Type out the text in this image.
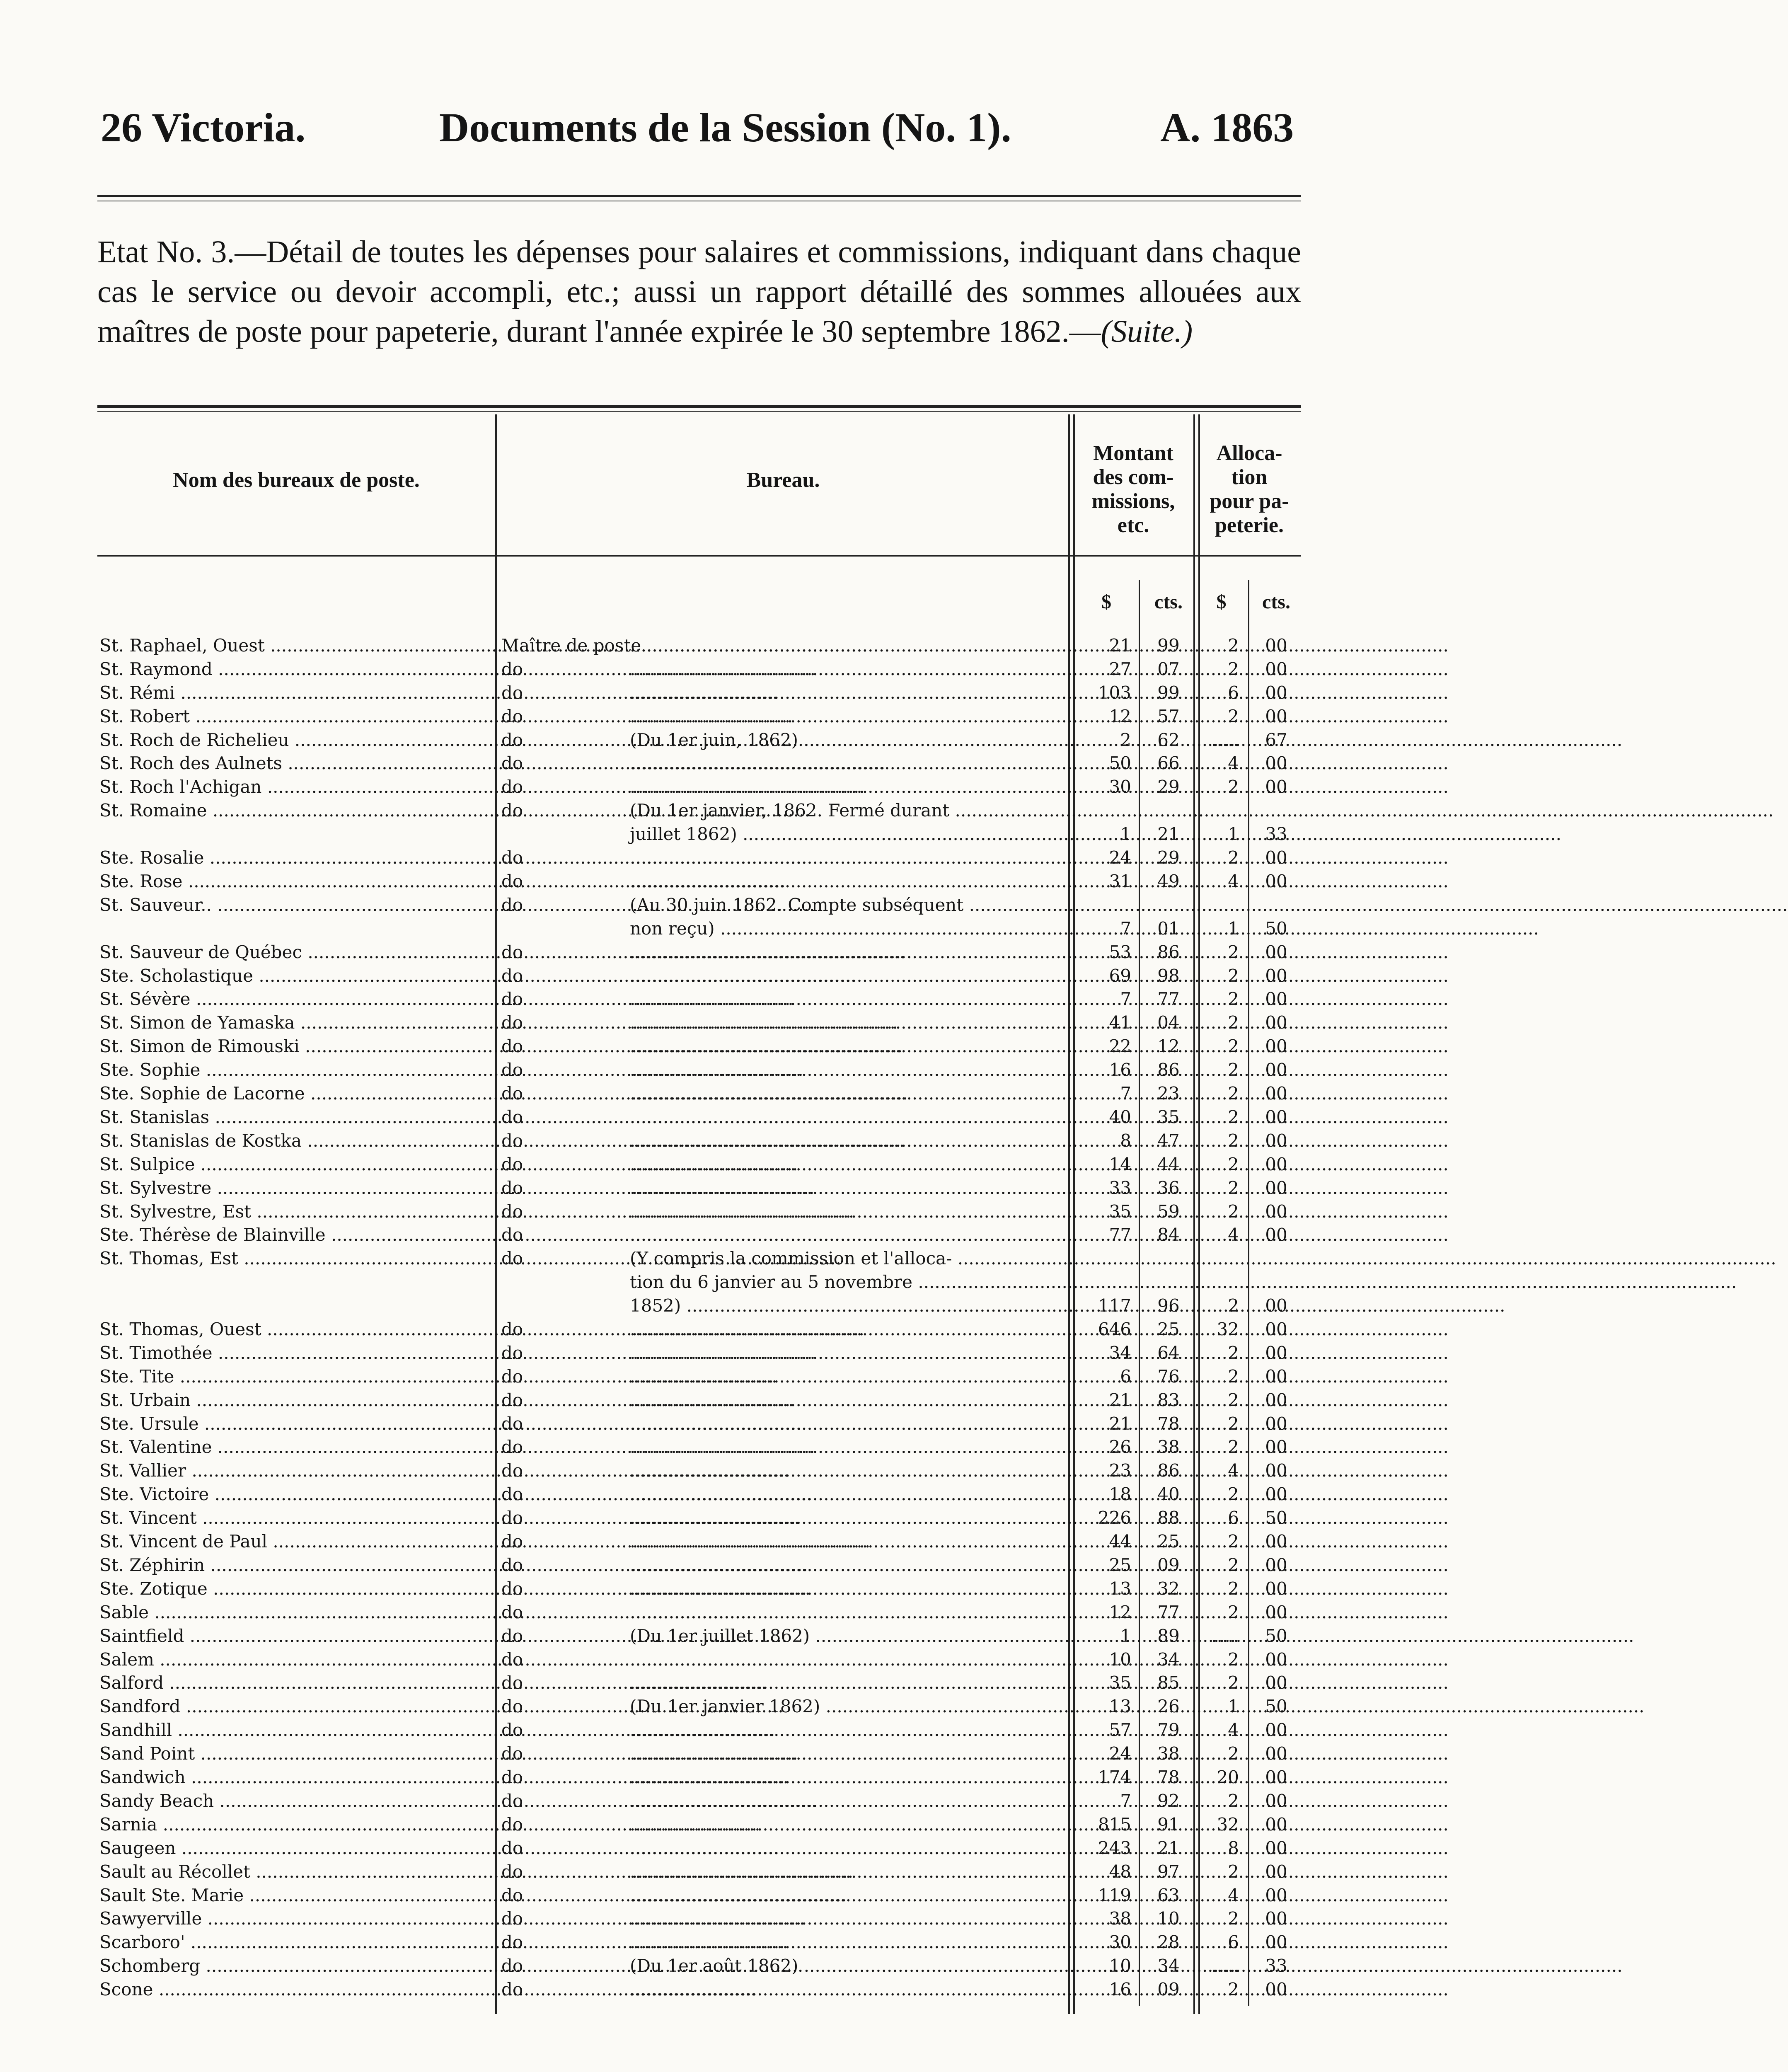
26 Victoria.	Documents de la Session (No. 1).	A. 1863
Etat No. 3.—Détail de toutes les dépenses pour salaires et commissions, indiquant dans chaque cas le service ou devoir accompli, etc.; aussi un rapport détaillé des sommes allouées aux maîtres de poste pour papeterie, durant l'année expirée le 30 septembre 1862.—(Suite.)
Nom des bureaux de poste.	Bureau.
Montant
des com-
missions,
etc.
Alloca-
tion
pour pa-
peterie.
$	cts.	$	cts.
St. Raphael, Ouest .....	Maître de poste .....	21	99	2	00
St. Raymond .....	do .....	27	07	2	00
St. Rémi .....	do .....	103	99	6	00
St. Robert .....	do .....	12	57	2	00
St. Roch de Richelieu .....	do	(Du 1er juin, 1862) .....	2	62	.....	67
St. Roch des Aulnets .....	do .....	50	66	4	00
St. Roch l'Achigan .....	do .....	30	29	2	00
St. Romaine .....	do	(Du 1er janvier, 1862. Fermé durant .....
juillet 1862) .....	1	21	1	33
Ste. Rosalie .....	do .....	24	29	2	00
Ste. Rose .....	do .....	31	49	4	00
St. Sauveur.. .....	do	(Au 30 juin 1862. Compte subséquent .....
non reçu) .....	7	01	1	50
St. Sauveur de Québec .....	do .....	53	86	2	00
Ste. Scholastique .....	do .....	69	98	2	00
St. Sévère .....	do .....	7	77	2	00
St. Simon de Yamaska .....	do .....	41	04	2	00
St. Simon de Rimouski .....	do .....	22	12	2	00
Ste. Sophie .....	do .....	16	86	2	00
Ste. Sophie de Lacorne .....	do .....	7	23	2	00
St. Stanislas .....	do .....	40	35	2	00
St. Stanislas de Kostka .....	do .....	8	47	2	00
St. Sulpice .....	do .....	14	44	2	00
St. Sylvestre .....	do .....	33	36	2	00
St. Sylvestre, Est .....	do .....	35	59	2	00
Ste. Thérèse de Blainville .....	do .....	77	84	4	00
St. Thomas, Est .....	do	(Y compris la commission et l'alloca- .....
tion du 6 janvier au 5 novembre .....
1852) .....	117	96	2	00
St. Thomas, Ouest .....	do .....	646	25	32	00
St. Timothée .....	do .....	34	64	2	00
Ste. Tite .....	do .....	6	76	2	00
St. Urbain .....	do .....	21	83	2	00
Ste. Ursule .....	do .....	21	78	2	00
St. Valentine .....	do .....	26	38	2	00
St. Vallier .....	do .....	23	86	4	00
Ste. Victoire .....	do .....	18	40	2	00
St. Vincent .....	do .....	226	88	6	50
St. Vincent de Paul .....	do .....	44	25	2	00
St. Zéphirin .....	do .....	25	09	2	00
Ste. Zotique .....	do .....	13	32	2	00
Sable .....	do .....	12	77	2	00
Saintfield .....	do	(Du 1er juillet 1862) .....	1	89	.....	50
Salem .....	do .....	10	34	2	00
Salford .....	do .....	35	85	2	00
Sandford .....	do	(Du 1er janvier 1862) .....	13	26	1	50
Sandhill .....	do .....	57	79	4	00
Sand Point .....	do .....	24	38	2	00
Sandwich .....	do .....	174	78	20	00
Sandy Beach .....	do .....	7	92	2	00
Sarnia .....	do .....	815	91	32	00
Saugeen .....	do .....	243	21	8	00
Sault au Récollet .....	do .....	48	97	2	00
Sault Ste. Marie .....	do .....	119	63	4	00
Sawyerville .....	do .....	38	10	2	00
Scarboro' .....	do .....	30	28	6	00
Schomberg .....	do	(Du 1er août 1862) .....	10	34	.....	33
Scone .....	do .....	16	09	2	00
